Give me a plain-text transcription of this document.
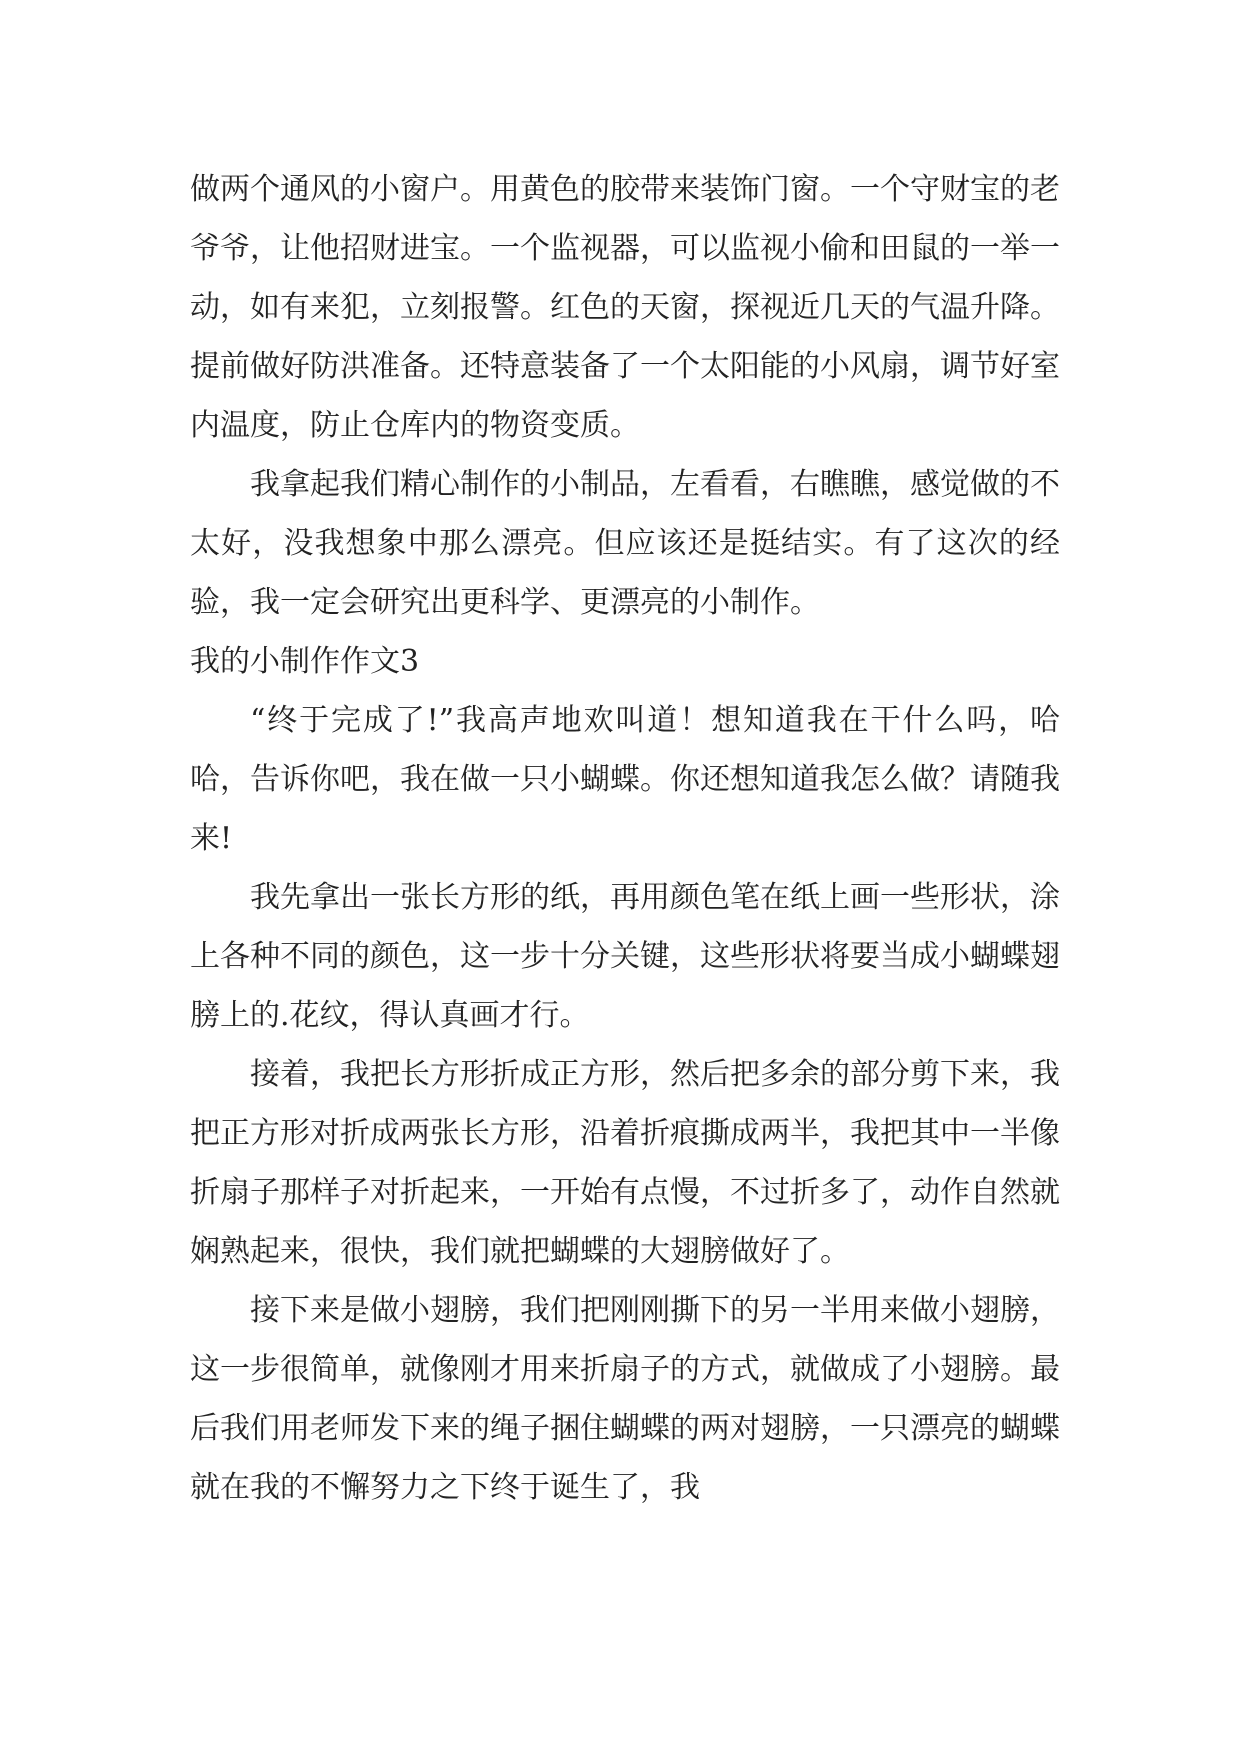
做两个通风的小窗户。用黄色的胶带来装饰门窗。一个守财宝的老爷爷，让他招财进宝。一个监视器，可以监视小偷和田鼠的一举一动，如有来犯，立刻报警。红色的天窗，探视近几天的气温升降。提前做好防洪准备。还特意装备了一个太阳能的小风扇，调节好室内温度，防止仓库内的物资变质。

我拿起我们精心制作的小制品，左看看，右瞧瞧，感觉做的不太好，没我想象中那么漂亮。但应该还是挺结实。有了这次的经验，我一定会研究出更科学、更漂亮的小制作。

我的小制作作文3

“终于完成了!”我高声地欢叫道！想知道我在干什么吗，哈哈，告诉你吧，我在做一只小蝴蝶。你还想知道我怎么做？请随我来!

我先拿出一张长方形的纸，再用颜色笔在纸上画一些形状，涂上各种不同的颜色，这一步十分关键，这些形状将要当成小蝴蝶翅膀上的.花纹，得认真画才行。

接着，我把长方形折成正方形，然后把多余的部分剪下来，我把正方形对折成两张长方形，沿着折痕撕成两半，我把其中一半像折扇子那样子对折起来，一开始有点慢，不过折多了，动作自然就娴熟起来，很快，我们就把蝴蝶的大翅膀做好了。

接下来是做小翅膀，我们把刚刚撕下的另一半用来做小翅膀，这一步很简单，就像刚才用来折扇子的方式，就做成了小翅膀。最后我们用老师发下来的绳子捆住蝴蝶的两对翅膀，一只漂亮的蝴蝶就在我的不懈努力之下终于诞生了，我
